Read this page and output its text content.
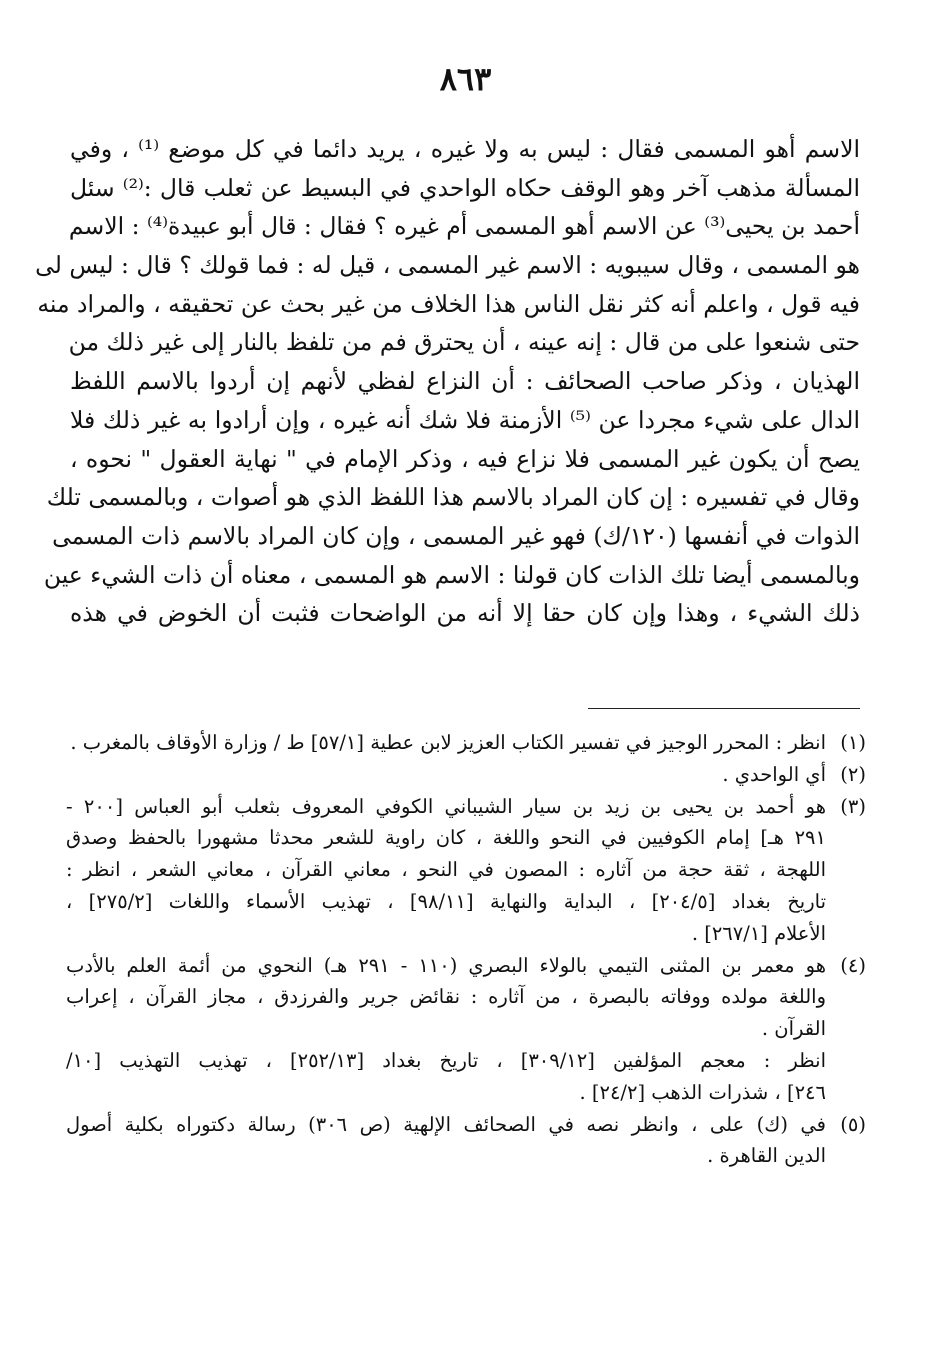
٨٦٣
الاسم أهو المسمى فقال : ليس به ولا غيره ، يريد دائما في كل موضع ⁽¹⁾ ، وفي
المسألة مذهب آخر وهو الوقف حكاه الواحدي في البسيط عن ثعلب قال :⁽²⁾ سئل
أحمد بن يحيى⁽³⁾ عن الاسم أهو المسمى أم غيره ؟ فقال : قال أبو عبيدة⁽⁴⁾ : الاسم
هو المسمى ، وقال سيبويه : الاسم غير المسمى ، قيل له : فما قولك ؟ قال : ليس لى
فيه قول ، واعلم أنه كثر نقل الناس هذا الخلاف من غير بحث عن تحقيقه ، والمراد منه
حتى شنعوا على من قال : إنه عينه ، أن يحترق فم من تلفظ بالنار إلى غير ذلك من
الهذيان ، وذكر صاحب الصحائف : أن النزاع لفظي لأنهم إن أردوا بالاسم اللفظ
الدال على شيء مجردا عن ⁽⁵⁾ الأزمنة فلا شك أنه غيره ، وإن أرادوا به غير ذلك فلا
يصح أن يكون غير المسمى فلا نزاع فيه ، وذكر الإمام في " نهاية العقول " نحوه ،
وقال في تفسيره : إن كان المراد بالاسم هذا اللفظ الذي هو أصوات ، وبالمسمى تلك
الذوات في أنفسها (١٢٠/ك) فهو غير المسمى ، وإن كان المراد بالاسم ذات المسمى
وبالمسمى أيضا تلك الذات كان قولنا : الاسم هو المسمى ، معناه أن ذات الشيء عين
ذلك الشيء ، وهذا وإن كان حقا إلا أنه من الواضحات فثبت أن الخوض في هذه
(١)
انظر : المحرر الوجيز في تفسير الكتاب العزيز لابن عطية [٥٧/١] ط / وزارة الأوقاف بالمغرب .
(٢)
أي الواحدي .
(٣)
هو أحمد بن يحيى بن زيد بن سيار الشيباني الكوفي المعروف بثعلب أبو العباس [٢٠٠ -
٢٩١ هـ] إمام الكوفيين في النحو واللغة ، كان راوية للشعر محدثا مشهورا بالحفظ وصدق
اللهجة ، ثقة حجة من آثاره : المصون في النحو ، معاني القرآن ، معاني الشعر ، انظر :
تاريخ بغداد [٢٠٤/٥] ، البداية والنهاية [٩٨/١١] ، تهذيب الأسماء واللغات [٢٧٥/٢] ،
الأعلام [٢٦٧/١] .
(٤)
هو معمر بن المثنى التيمي بالولاء البصري (١١٠ - ٢٩١ هـ) النحوي من أئمة العلم بالأدب
واللغة مولده ووفاته بالبصرة ، من آثاره : نقائض جرير والفرزدق ، مجاز القرآن ، إعراب
القرآن .
انظر : معجم المؤلفين [٣٠٩/١٢] ، تاريخ بغداد [٢٥٢/١٣] ، تهذيب التهذيب [١٠/
٢٤٦] ، شذرات الذهب [٢٤/٢] .
(٥)
في (ك) على ، وانظر نصه في الصحائف الإلهية (ص ٣٠٦) رسالة دكتوراه بكلية أصول
الدين القاهرة .
